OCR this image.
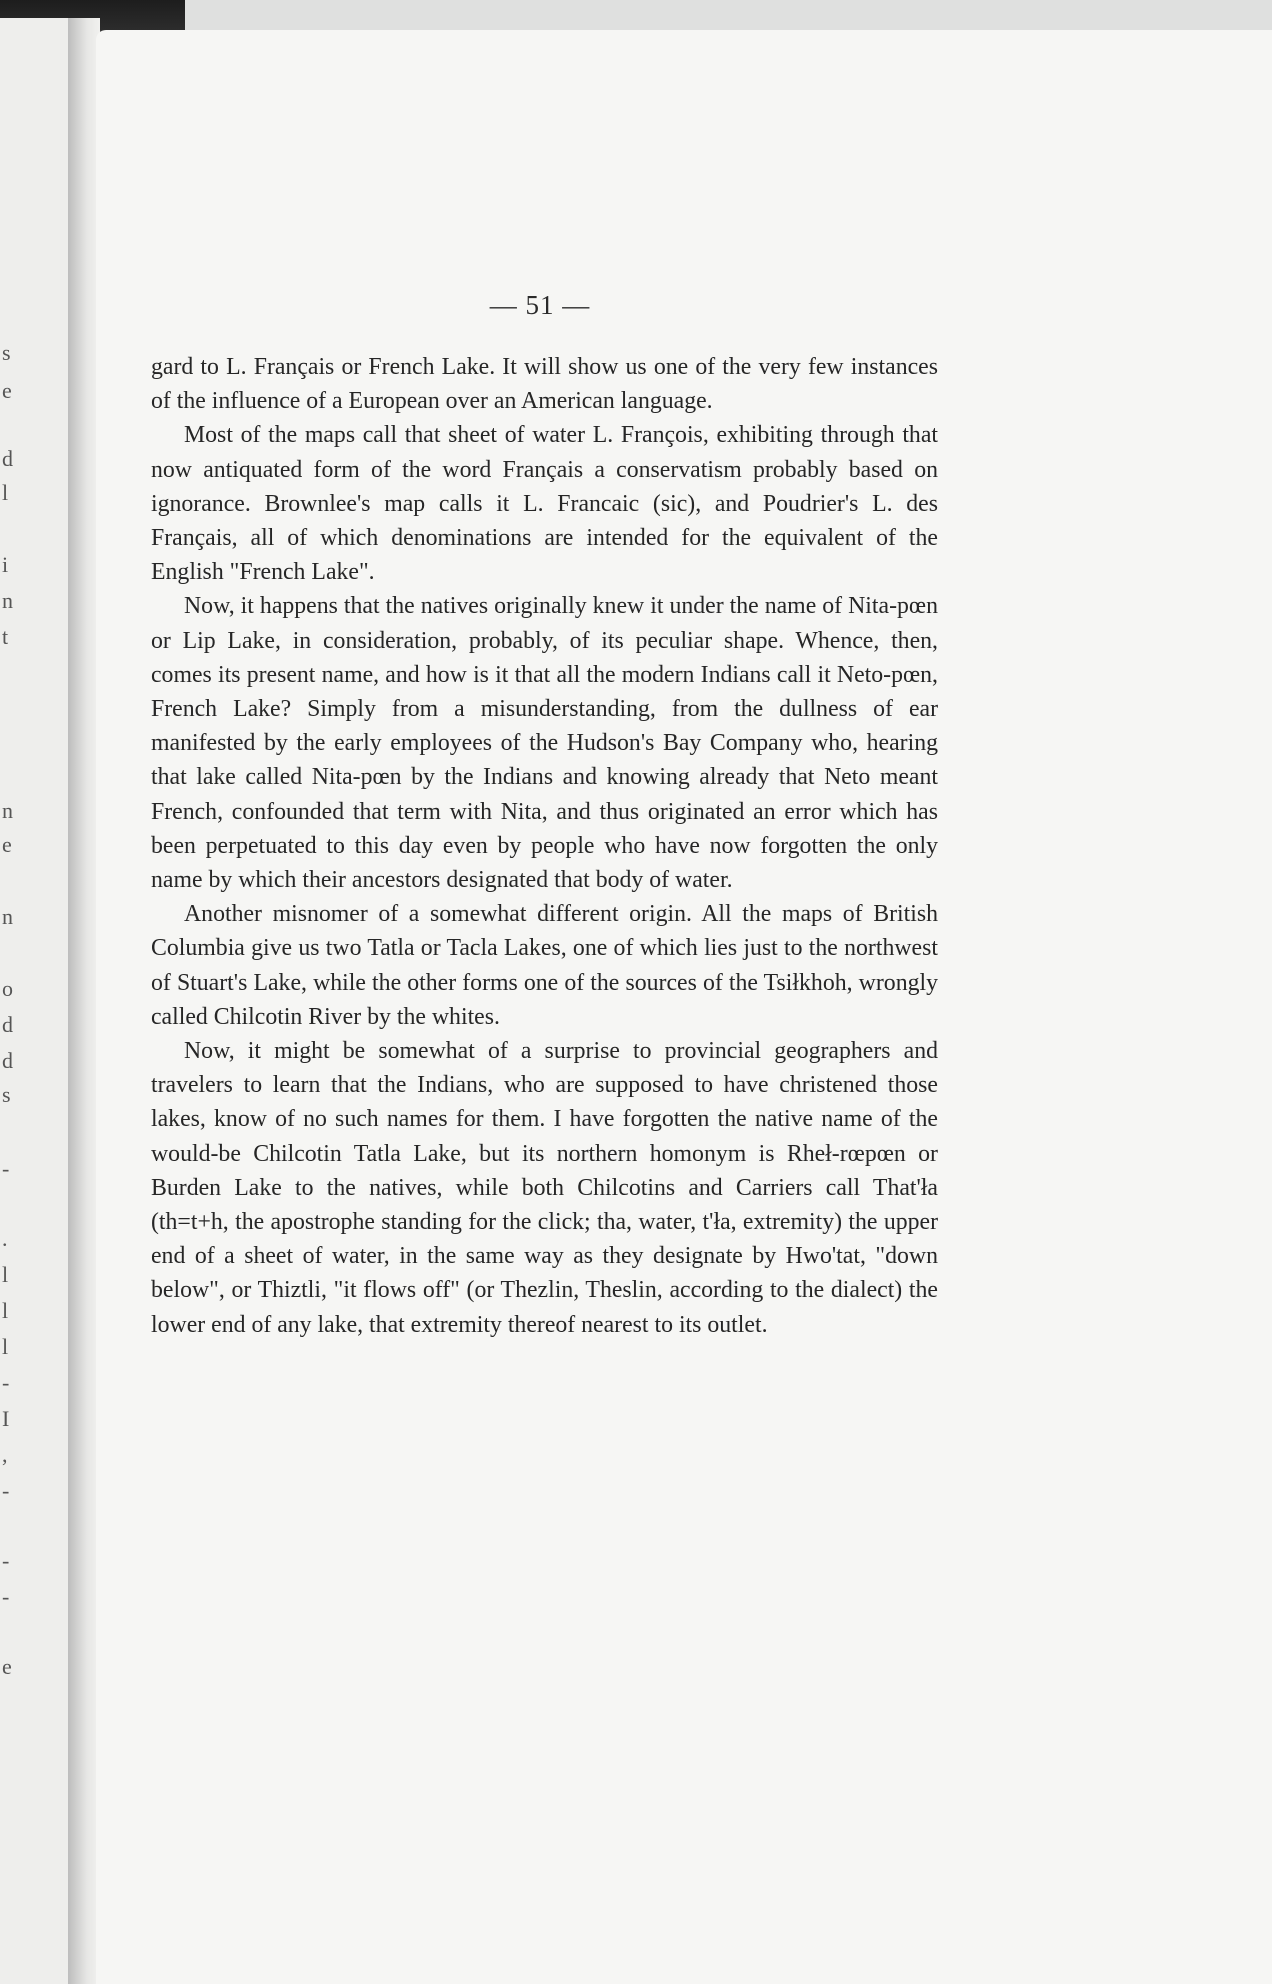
s
e
d
l
i
n
t
n
e
n
o
d
d
s
-
.
l
l
l
-
I
,
-
-
-
e
— 51 —

gard to L. Français or French Lake. It will show us one of the very few instances of the influence of a European over an American language.

Most of the maps call that sheet of water L. François, exhibiting through that now antiquated form of the word Français a conservatism probably based on ignorance. Brownlee's map calls it L. Francaic (sic), and Poudrier's L. des Français, all of which denominations are intended for the equivalent of the English "French Lake".

Now, it happens that the natives originally knew it under the name of Nita-pœn or Lip Lake, in consideration, probably, of its peculiar shape. Whence, then, comes its present name, and how is it that all the modern Indians call it Neto-pœn, French Lake? Simply from a misunderstanding, from the dullness of ear manifested by the early employees of the Hudson's Bay Company who, hearing that lake called Nita-pœn by the Indians and knowing already that Neto meant French, confounded that term with Nita, and thus originated an error which has been perpetuated to this day even by people who have now forgotten the only name by which their ancestors designated that body of water.

Another misnomer of a somewhat different origin. All the maps of British Columbia give us two Tatla or Tacla Lakes, one of which lies just to the northwest of Stuart's Lake, while the other forms one of the sources of the Tsiłkhoh, wrongly called Chilcotin River by the whites.

Now, it might be somewhat of a surprise to provincial geographers and travelers to learn that the Indians, who are supposed to have christened those lakes, know of no such names for them. I have forgotten the native name of the would-be Chilcotin Tatla Lake, but its northern homonym is Rheł-rœpœn or Burden Lake to the natives, while both Chilcotins and Carriers call That'ła (th=t+h, the apostrophe standing for the click; tha, water, t'ła, extremity) the upper end of a sheet of water, in the same way as they designate by Hwo'tat, "down below", or Thiztli, "it flows off" (or Thezlin, Theslin, according to the dialect) the lower end of any lake, that extremity thereof nearest to its outlet.
